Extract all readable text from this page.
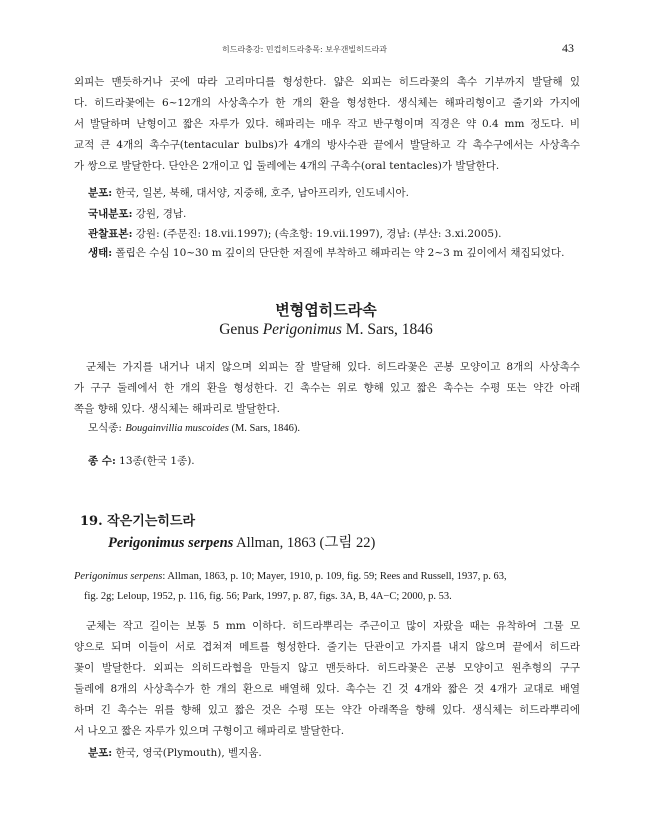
히드라충강: 민컵히드라충목: 보우갠빌히드라과	43
외피는 맨듯하거나 곳에 따라 고리마디를 형성한다. 얇은 외피는 히드라꽃의 촉수 기부까지 발달해 있
다. 히드라꽃에는 6~12개의 사상촉수가 한 개의 환을 형성한다. 생식체는 해파리형이고 줄기와 가지에
서 발달하며 난형이고 짧은 자루가 있다. 해파리는 매우 작고 반구형이며 직경은 약 0.4 mm 정도다. 비
교적 큰 4개의 촉수구(tentacular bulbs)가 4개의 방사수관 끝에서 발달하고 각 촉수구에서는 사상촉수
가 쌍으로 발달한다. 단안은 2개이고 입 둘레에는 4개의 구촉수(oral tentacles)가 발달한다.
분포: 한국, 일본, 북해, 대서양, 지중해, 호주, 남아프리카, 인도네시아.
국내분포: 강원, 경남.
관찰표본: 강원: (주문진: 18.vii.1997); (속초항: 19.vii.1997), 경남: (부산: 3.xi.2005).
생태: 폴립은 수심 10~30 m 깊이의 단단한 저질에 부착하고 해파리는 약 2~3 m 깊이에서 채집되었다.
변형엽히드라속
Genus Perigonimus M. Sars, 1846
군체는 가지를 내거나 내지 않으며 외피는 잘 발달해 있다. 히드라꽃은 곤봉 모양이고 8개의 사상촉수
가 구구 둘레에서 한 개의 환을 형성한다. 긴 촉수는 위로 향해 있고 짧은 촉수는 수평 또는 약간 아래
쪽을 향해 있다. 생식체는 해파리로 발달한다.
모식종: Bougainvillia muscoides (M. Sars, 1846).
종 수: 13종(한국 1종).
19. 작은기는히드라
Perigonimus serpens Allman, 1863 (그림 22)
Perigonimus serpens: Allman, 1863, p. 10; Mayer, 1910, p. 109, fig. 59; Rees and Russell, 1937, p. 63,
fig. 2g; Leloup, 1952, p. 116, fig. 56; Park, 1997, p. 87, figs. 3A, B, 4A−C; 2000, p. 53.
군체는 작고 길이는 보통 5 mm 이하다. 히드라뿌리는 주근이고 많이 자랐을 때는 유착하여 그물 모
양으로 되며 이들이 서로 겹쳐져 메트를 형성한다. 줄기는 단관이고 가지를 내지 않으며 끝에서 히드라
꽃이 발달한다. 외피는 의히드라협을 만들지 않고 맨듯하다. 히드라꽃은 곤봉 모양이고 원추형의 구구
둘레에 8개의 사상촉수가 한 개의 환으로 배열해 있다. 촉수는 긴 것 4개와 짧은 것 4개가 교대로 배열
하며 긴 촉수는 위를 향해 있고 짧은 것은 수평 또는 약간 아래쪽을 향해 있다. 생식체는 히드라뿌리에
서 나오고 짧은 자루가 있으며 구형이고 해파리로 발달한다.
분포: 한국, 영국(Plymouth), 벨지움.
